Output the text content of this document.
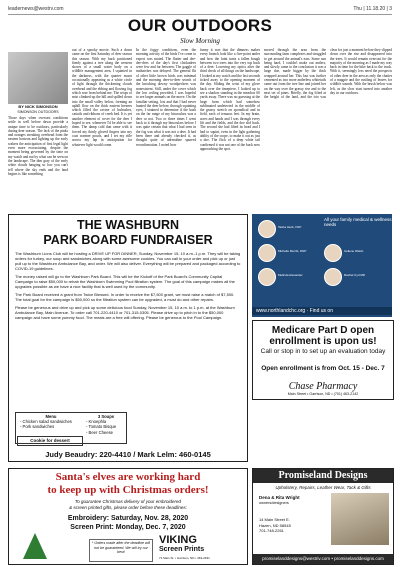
leadernews@westrv.com	Thu | 11.18.20 | 3
OUR OUTDOORS
Slow Morning
BY NICK SIMONSON
SIMONSON OUTDOORS

Those days when overcast conditions settle in well before dawn provide a unique time to be outdoors, particularly during deer season. The lack of the pinks and oranges streaking overhead from the eastern horizon and lighting up the early wakers the anticipation of first legal light even more excruciating, despite the moment being governed by the time on my watch and not by what can be seen on the landscape. The dim gray of the early white clouds hanging so low you can't tell where the sky ends and the land begins is like something

out of a spooky movie. Such a dawn came on the first Saturday of deer season this season. With my back positioned firmly against a tree along the western shores of a small water body on a wildlife management area, I squinted in the darkness, with the quarter moon occasionally appearing as a white circle of light through the thickening clouds overhead and the ebbing and flowing fog which rose from behind me. The wisps of mist climbed up the hill and spilled down into the small valley below, forming an uphill flow on the thick eastern breezes which filled the ravine of bulrushes, cattails and ribbons of creek bed. It is yet another element of cover for the deer I hoped to see, whenever I'd be able to see them. The damp cold that came with it forced my thinly gloved fingers into my coat warmer pouch, and I set my rifle across my lap in anticipation for whatever light would come.

In the foggy conditions, even the morning activity of the birds I've come to expect was muted. The flutter and dee-dee-dees of the day's first chickadees were few and far between. The gaggle of nuthatches was delayed. The general flit of other little brown birds was minimal and the morning deer-to-deer search of the knocking downy woodpeckers was nonexistent. Still, under the cover which the low ceiling provided, I was hopeful to see larger animals on the move. On the familiar setting, lost and that I had never hunted the deer before, through squinting eyes, I strained to determine if the bush on the far range of my binoculars was a deer or not. Two or three times I went back to it through my binoculars before I was quite certain that what I had seen in the fog was what it was not a deer. It had been there and already checked it, as thought quite of adrenaline spurred reconfirmation. I noted how

funny it was that the dimness makes every branch look like a five-point antler and how the faint turns a fallen bough between two trees into the very top back of a deer. Lowering my optics after the third check of all things on the landscape, I looked at my watch and the last seconds ticked away to the opening moment of the day. Sliding the wrist of my glove back over the timepiece, I looked up to see a shadow standing in the meadow 60 yards away. There was no guessing at the large form which had somehow sublimated undetected in the middle of the grassy stretch on sporadical and in field, each of tenuous feet. In my brain, acres and hands and I was through every lift and the fields, and the doe slid back. The second she had lifted its head and I had to squint, even in the light gathering ability of the scope, to make it out as just a doe. The flick of a deep white tail confirmed it was not one of the buck now approaching the spot.

moved through the area from the surrounding farm complexes and struggled to get around the animal's ears. Some sun being hard, I couldn't make out antlers, and slowly came to the conclusion it was a large doe, made bigger by the thick wrapped around her. This last was further cemented as two more antlerless whitetails came out from the tree line and joined her on the way over the grassy rise and to the next set of pines. Briefly, the fog lifted at the height of the land, and the trio was clear for just a moment before they slipped down over the rise and disappeared into the trees. It would remain overcast for the majority of the morning as I made my way back in time for the hike back to the truck. With it, seemingly less need the prospects of other deer in the area as only the chatter of a magpie and the rustling of leaves for wildlife sounds. With the brush below was left, as the slow start turned into another day in our outdoors.

THE WASHBURN
PARK BOARD FUNDRAISER

The Washburn Lions Club will be hosting a DRIVE UP FOR DINNER, Sunday, November 15, 10 a.m.-1 p.m. They will be taking orders for turkey, our soup and sandwiches along with some awesome cookies. You can call in your order and pick up or just pull up to the Washburn Ambulance Bay, and order. We will also deliver. Everything will be prepared and packaged according to COVID-19 guidelines.

The money raised will go to the Washburn Park Board. This will be the Kickoff of the Park Board's Community Capital Campaign to raise $50,000 to rehab the Washburn Swimming Pool filtration system. The goal of this campaign makes all the upgrades possible as we have a nice facility that is well used by the community.

The Park Board received a grant from Twice Blessed. In order to receive the $7,500 grant, we must raise a match of $7,500. The total goal for the campaign is $50,000 so the filtration system can be upgraded, a must do and other repairs.

Please be generous and drive up and pick up some delicious food Sunday, November 15, 10 a.m. to 1 p.m. at the Washburn Ambulance Bay, Main Avenue. To order call 701-220-4410 or 701-315-0305. Please drive up to pitch in to the $50,000 campaign and have some yummy food. The meals are a free will offering. Please be generous to the Pool Campaign.

Menu
- Chicken salad sandwiches
- Pork sandwiches
3 Soups
- Knoephla
- Tomato Bisque
- Beer Cheese
Cookie for dessert
Judy Beaudry: 220-4410 / Mark Lelm: 460-0145
All your family medical & wellness needs
Tasha Heck, FNP
Michelle Merritt, DNP
Melinda Alexander
Cellene Welsh
Rachel Cyd MD
www.northlandchc.org · Find us on
Medicare Part D open enrollment is upon us!
Call or stop in to set up an evaluation today
Open enrollment is from Oct. 15 - Dec. 7
Chase Pharmacy
Main Street • Garrison, ND • (701) 463-2142
Santa's elves are working hard
to keep up with Christmas orders!
To guarantee Christmas delivery of your embroidered
& screen printed gifts, please order before these deadlines:
Embroidery: Saturday, Nov. 28, 2020
Screen Print: Monday, Dec. 7, 2020
* Orders made after the deadline will not be guaranteed. We will try our best!
VIKING
Screen Prints
71 Main St. • Garrison, ND • 463-2491
Promiseland Designs
Upholstery, Repairs, Leather Wear, Tack & Gifts
Dena & Rita Wright
owners/designers
14 Main Street E.
Hazen, ND 58545
701-748-2261
promiselanddesigns@westriv.com • promiselanddesigns.com
